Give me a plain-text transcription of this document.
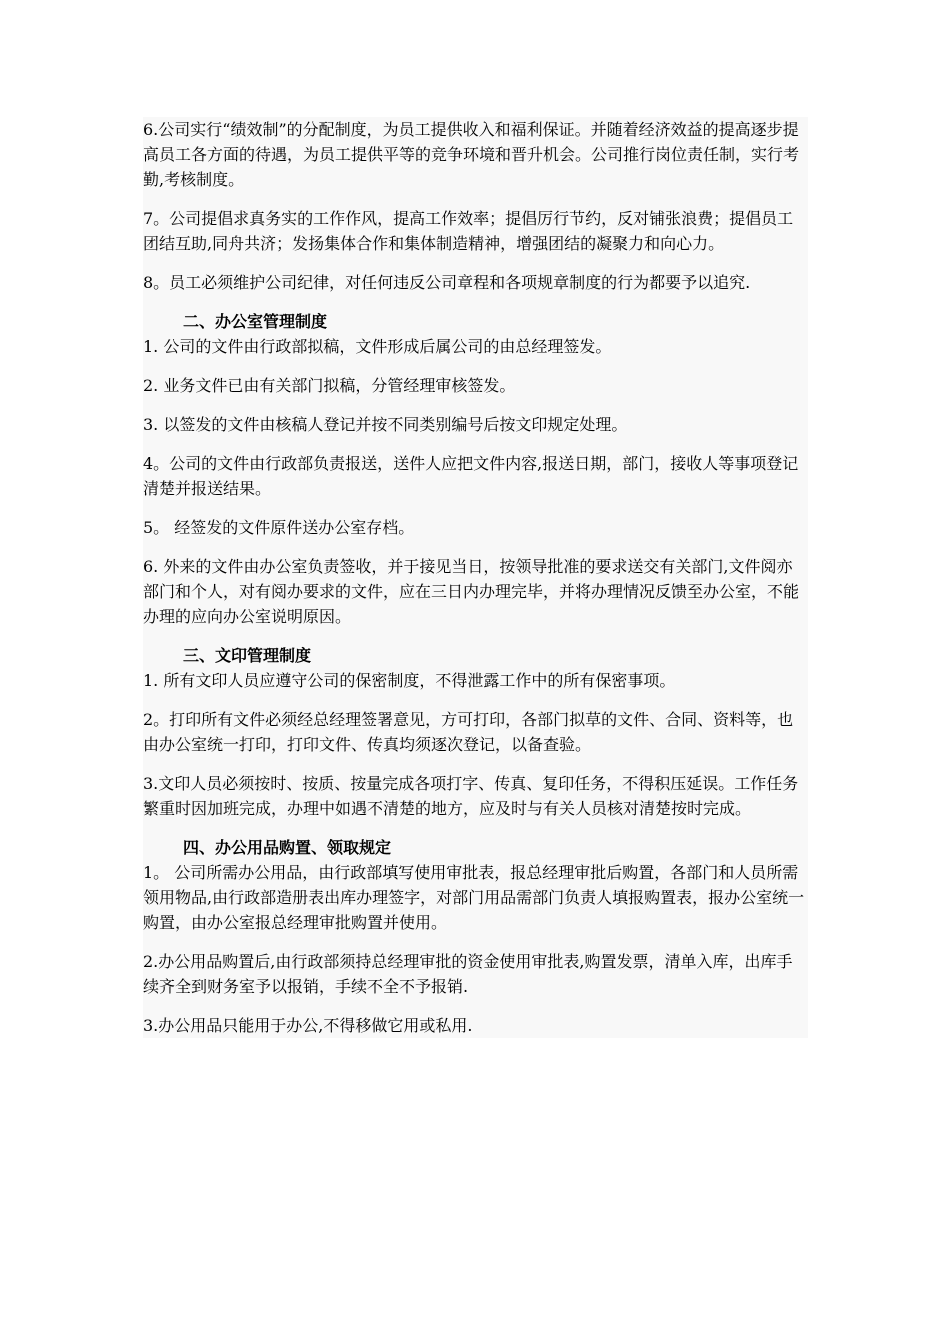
6.公司实行“绩效制”的分配制度，为员工提供收入和福利保证。并随着经济效益的提高逐步提高员工各方面的待遇，为员工提供平等的竞争环境和晋升机会。公司推行岗位责任制，实行考勤,考核制度。

7。公司提倡求真务实的工作作风，提高工作效率；提倡厉行节约，反对铺张浪费；提倡员工团结互助,同舟共济；发扬集体合作和集体制造精神，增强团结的凝聚力和向心力。

8。员工必须维护公司纪律，对任何违反公司章程和各项规章制度的行为都要予以追究.

二、办公室管理制度

1. 公司的文件由行政部拟稿，文件形成后属公司的由总经理签发。

2. 业务文件已由有关部门拟稿，分管经理审核签发。

3. 以签发的文件由核稿人登记并按不同类别编号后按文印规定处理。

4。公司的文件由行政部负责报送，送件人应把文件内容,报送日期，部门，接收人等事项登记清楚并报送结果。

5。 经签发的文件原件送办公室存档。

6. 外来的文件由办公室负责签收，并于接见当日，按领导批准的要求送交有关部门,文件阅亦部门和个人，对有阅办要求的文件，应在三日内办理完毕，并将办理情况反馈至办公室，不能办理的应向办公室说明原因。

三、文印管理制度

1. 所有文印人员应遵守公司的保密制度，不得泄露工作中的所有保密事项。

2。打印所有文件必须经总经理签署意见，方可打印，各部门拟草的文件、合同、资料等，也由办公室统一打印，打印文件、传真均须逐次登记，以备查验。

3.文印人员必须按时、按质、按量完成各项打字、传真、复印任务，不得积压延误。工作任务繁重时因加班完成，办理中如遇不清楚的地方，应及时与有关人员核对清楚按时完成。

四、办公用品购置、领取规定

1。 公司所需办公用品，由行政部填写使用审批表，报总经理审批后购置，各部门和人员所需领用物品,由行政部造册表出库办理签字，对部门用品需部门负责人填报购置表，报办公室统一购置，由办公室报总经理审批购置并使用。

2.办公用品购置后,由行政部须持总经理审批的资金使用审批表,购置发票，清单入库，出库手续齐全到财务室予以报销，手续不全不予报销.

3.办公用品只能用于办公,不得移做它用或私用.
